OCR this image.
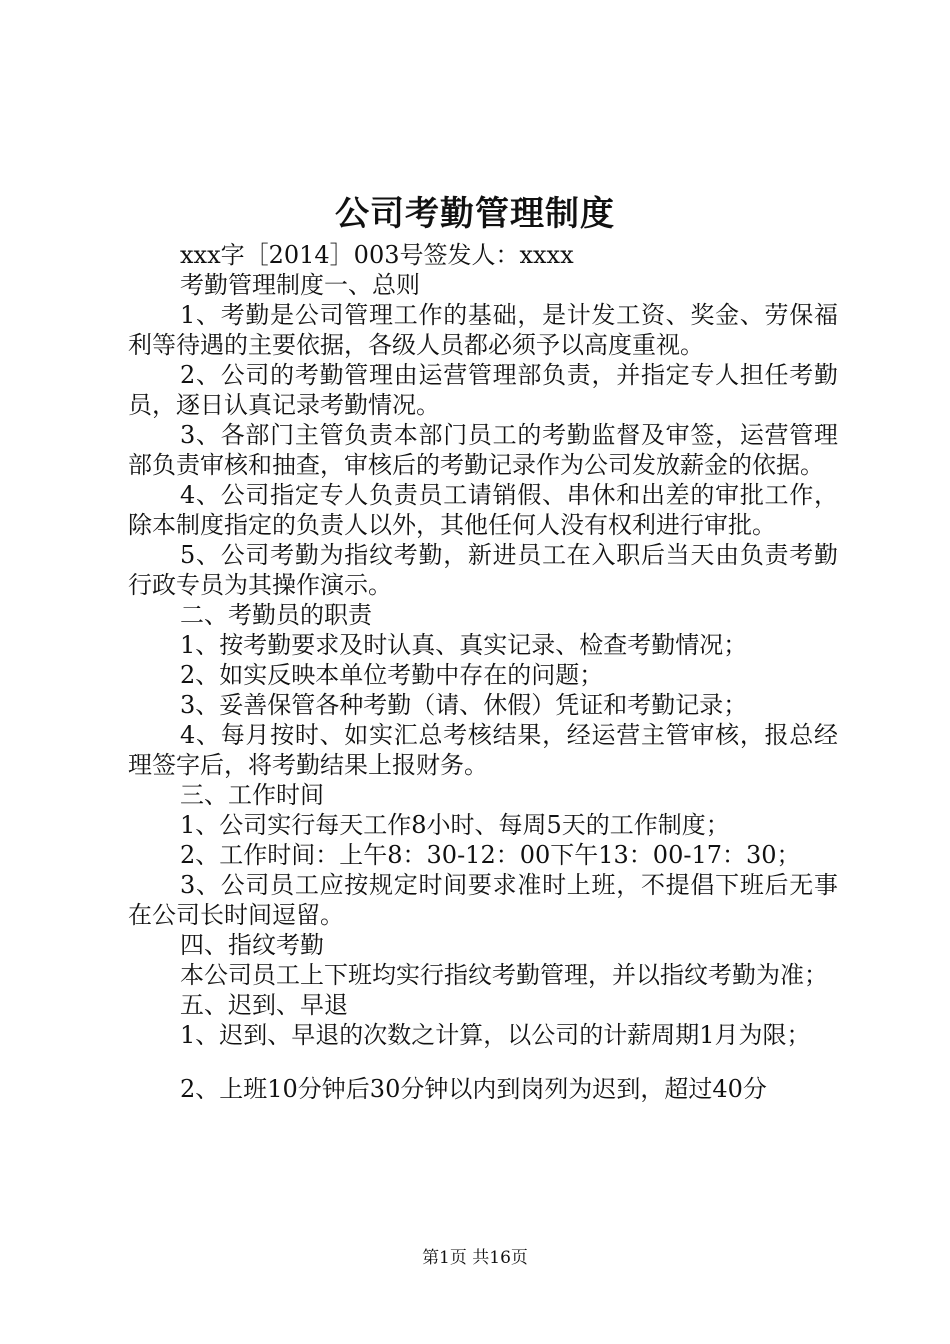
公司考勤管理制度

xxx字［2014］003号签发人：xxxx

考勤管理制度一、总则

1、考勤是公司管理工作的基础，是计发工资、奖金、劳保福利等待遇的主要依据，各级人员都必须予以高度重视。

2、公司的考勤管理由运营管理部负责，并指定专人担任考勤员，逐日认真记录考勤情况。

3、各部门主管负责本部门员工的考勤监督及审签，运营管理部负责审核和抽查，审核后的考勤记录作为公司发放薪金的依据。

4、公司指定专人负责员工请销假、串休和出差的审批工作，除本制度指定的负责人以外，其他任何人没有权利进行审批。

5、公司考勤为指纹考勤，新进员工在入职后当天由负责考勤行政专员为其操作演示。

二、考勤员的职责

1、按考勤要求及时认真、真实记录、检查考勤情况；

2、如实反映本单位考勤中存在的问题；

3、妥善保管各种考勤（请、休假）凭证和考勤记录；

4、每月按时、如实汇总考核结果，经运营主管审核，报总经理签字后，将考勤结果上报财务。

三、工作时间

1、公司实行每天工作8小时、每周5天的工作制度；

2、工作时间：上午8：30-12：00下午13：00-17：30；

3、公司员工应按规定时间要求准时上班，不提倡下班后无事在公司长时间逗留。

四、指纹考勤

本公司员工上下班均实行指纹考勤管理，并以指纹考勤为准；

五、迟到、早退

1、迟到、早退的次数之计算，以公司的计薪周期1月为限；

2、上班10分钟后30分钟以内到岗列为迟到，超过40分

第1页 共16页
